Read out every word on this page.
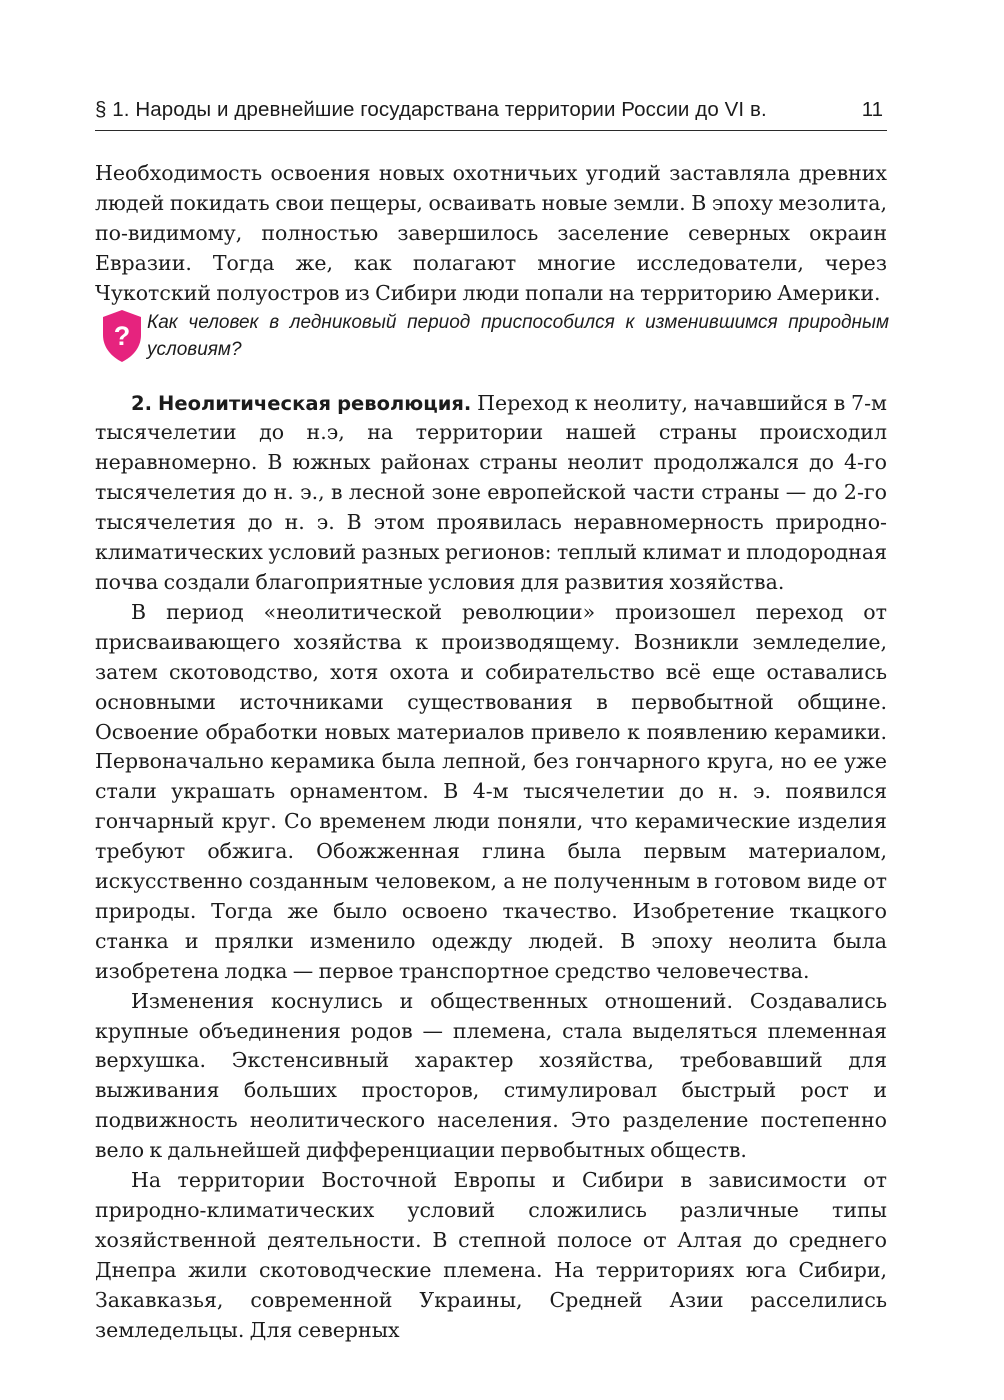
§ 1. Народы и древнейшие государствана территории России до VI в.	11

Необходимость освоения новых охотничьих угодий заставляла древних людей покидать свои пещеры, осваивать новые земли. В эпоху мезолита, по-видимому, полностью завершилось заселение северных окраин Евразии. Тогда же, как полагают многие исследователи, через Чукотский полуостров из Сибири люди попали на территорию Америки.

? Как человек в ледниковый период приспособился к изменившимся природным условиям?

2. Неолитическая революция. Переход к неолиту, начавшийся в 7-м тысячелетии до н.э, на территории нашей страны происходил неравномерно. В южных районах страны неолит продолжался до 4-го тысячелетия до н. э., в лесной зоне европейской части страны — до 2-го тысячелетия до н. э. В этом проявилась неравномерность природно-климатических условий разных регионов: теплый климат и плодородная почва создали благоприятные условия для развития хозяйства.

В период «неолитической революции» произошел переход от присваивающего хозяйства к производящему. Возникли земледелие, затем скотоводство, хотя охота и собирательство всё еще оставались основными источниками существования в первобытной общине. Освоение обработки новых материалов привело к появлению керамики. Первоначально керамика была лепной, без гончарного круга, но ее уже стали украшать орнаментом. В 4-м тысячелетии до н. э. появился гончарный круг. Со временем люди поняли, что керамические изделия требуют обжига. Обожженная глина была первым материалом, искусственно созданным человеком, а не полученным в готовом виде от природы. Тогда же было освоено ткачество. Изобретение ткацкого станка и прялки изменило одежду людей. В эпоху неолита была изобретена лодка — первое транспортное средство человечества.

Изменения коснулись и общественных отношений. Создавались крупные объединения родов — племена, стала выделяться племенная верхушка. Экстенсивный характер хозяйства, требовавший для выживания больших просторов, стимулировал быстрый рост и подвижность неолитического населения. Это разделение постепенно вело к дальнейшей дифференциации первобытных обществ.

На территории Восточной Европы и Сибири в зависимости от природно-климатических условий сложились различные типы хозяйственной деятельности. В степной полосе от Алтая до среднего Днепра жили скотоводческие племена. На территориях юга Сибири, Закавказья, современной Украины, Средней Азии расселились земледельцы. Для северных
